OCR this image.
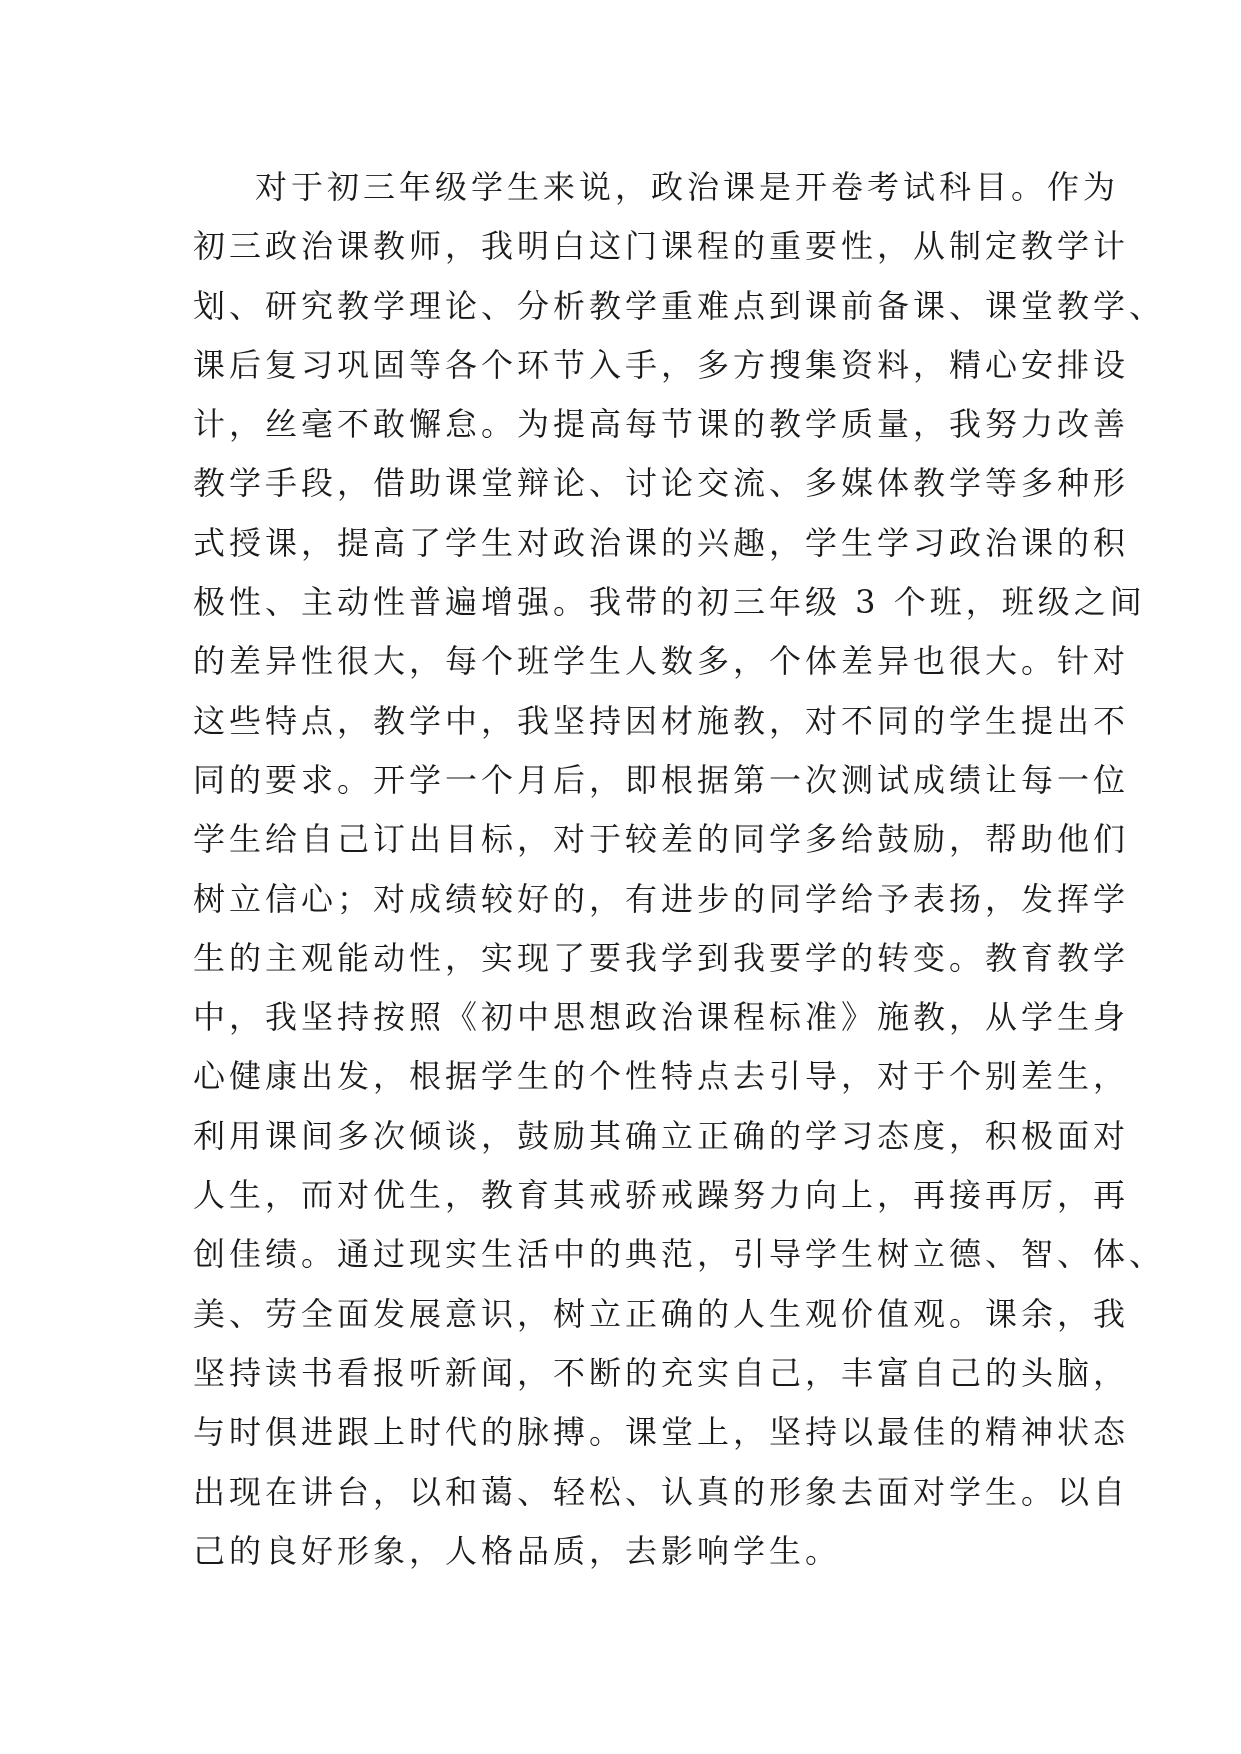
对于初三年级学生来说，政治课是开卷考试科目。作为
初三政治课教师，我明白这门课程的重要性，从制定教学计
划、研究教学理论、分析教学重难点到课前备课、课堂教学、
课后复习巩固等各个环节入手，多方搜集资料，精心安排设
计，丝毫不敢懈怠。为提高每节课的教学质量，我努力改善
教学手段，借助课堂辩论、讨论交流、多媒体教学等多种形
式授课，提高了学生对政治课的兴趣，学生学习政治课的积
极性、主动性普遍增强。我带的初三年级 3 个班，班级之间
的差异性很大，每个班学生人数多，个体差异也很大。针对
这些特点，教学中，我坚持因材施教，对不同的学生提出不
同的要求。开学一个月后，即根据第一次测试成绩让每一位
学生给自己订出目标，对于较差的同学多给鼓励，帮助他们
树立信心；对成绩较好的，有进步的同学给予表扬，发挥学
生的主观能动性，实现了要我学到我要学的转变。教育教学
中，我坚持按照《初中思想政治课程标准》施教，从学生身
心健康出发，根据学生的个性特点去引导，对于个别差生，
利用课间多次倾谈，鼓励其确立正确的学习态度，积极面对
人生，而对优生，教育其戒骄戒躁努力向上，再接再厉，再
创佳绩。通过现实生活中的典范，引导学生树立德、智、体、
美、劳全面发展意识，树立正确的人生观价值观。课余，我
坚持读书看报听新闻，不断的充实自己，丰富自己的头脑，
与时俱进跟上时代的脉搏。课堂上，坚持以最佳的精神状态
出现在讲台，以和蔼、轻松、认真的形象去面对学生。以自
己的良好形象，人格品质，去影响学生。
